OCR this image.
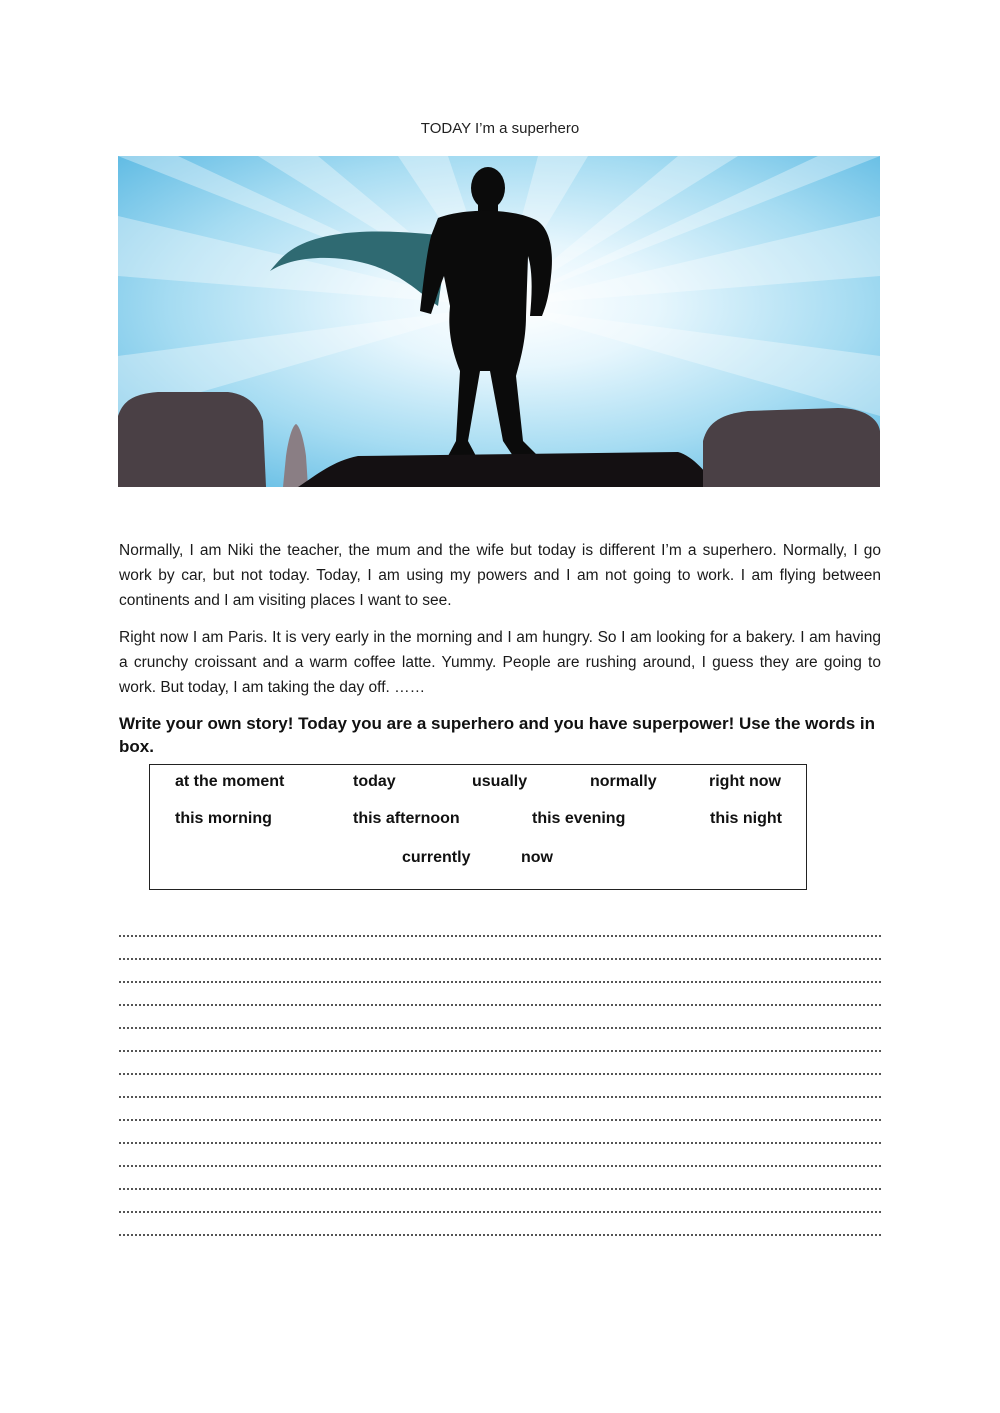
TODAY I’m a superhero

Normally, I am Niki the teacher, the mum and the wife but today is different I’m a superhero. Normally, I go work by car, but not today. Today, I am using my powers and I am not going to work. I am flying between continents and I am visiting places I want to see.

Right now I am Paris. It is very early in the morning and I am hungry. So I am looking for a bakery. I am having a crunchy croissant and a warm coffee latte. Yummy. People are rushing around, I guess they are going to work. But today, I am taking the day off. ……

Write your own story! Today you are a superhero and you have superpower! Use the words in box.

at the moment	today	usually	normally	right now
this morning	this afternoon	this evening	this night
currently	now
